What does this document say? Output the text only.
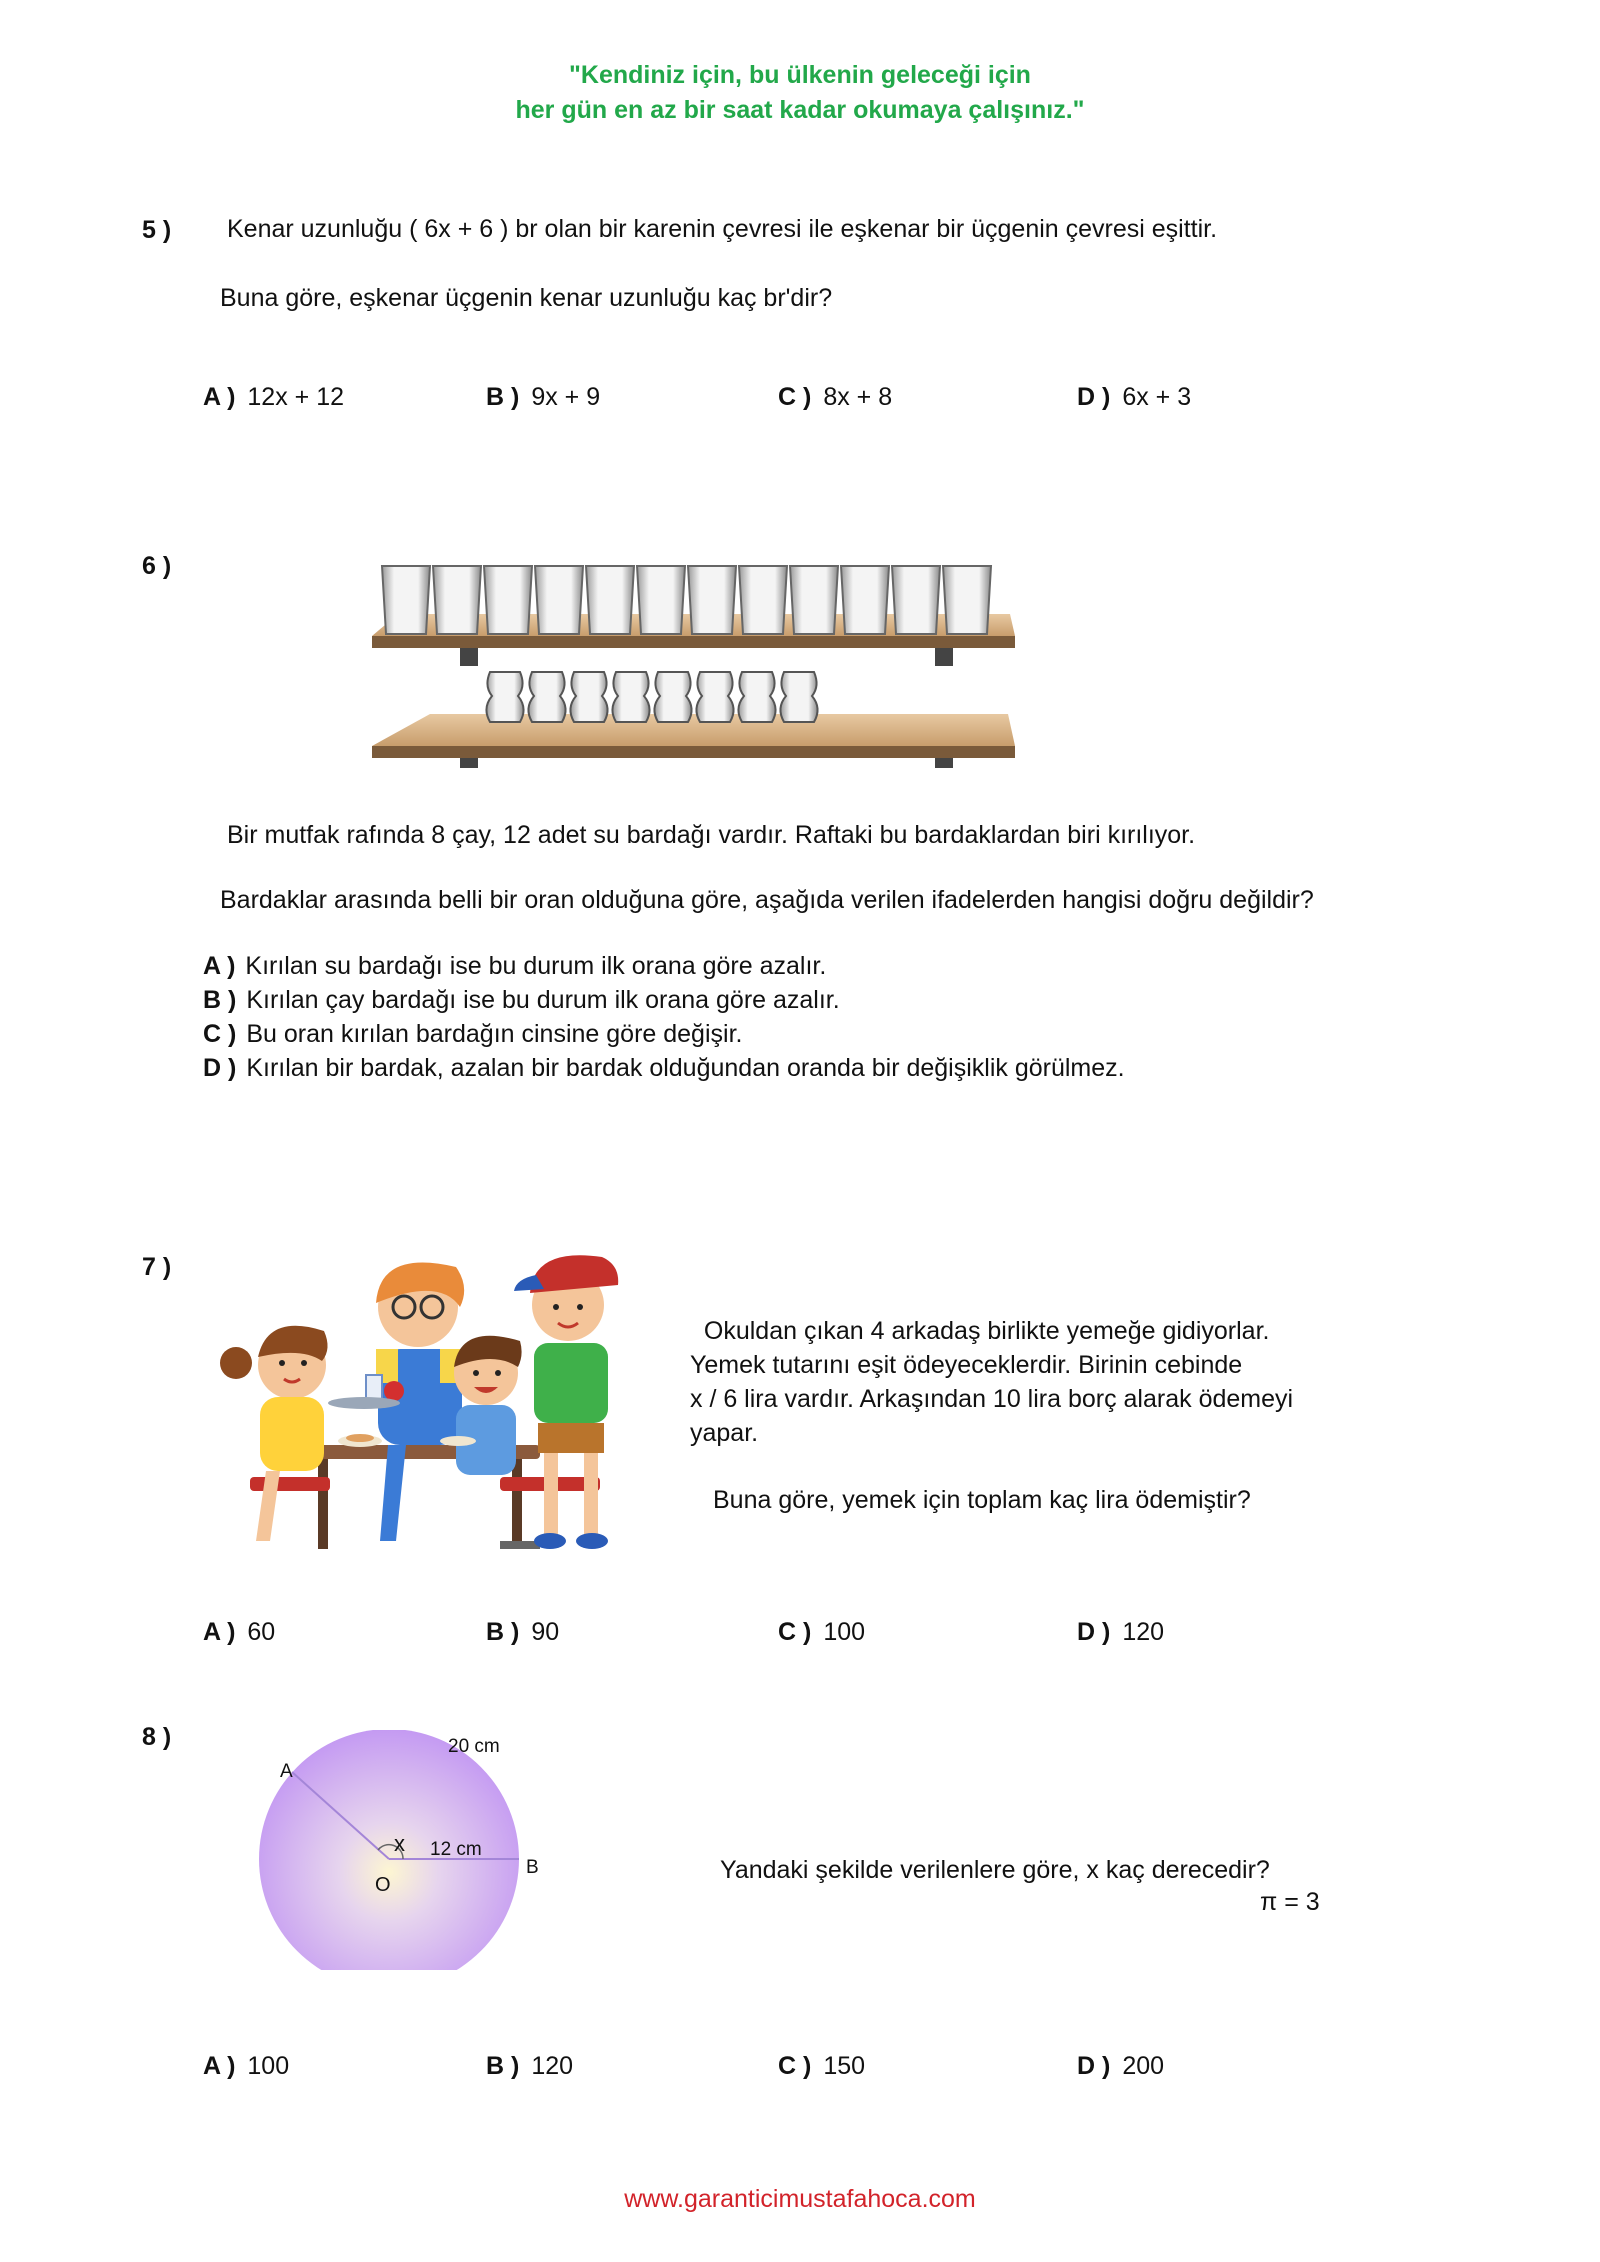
"Kendiniz için, bu ülkenin geleceği için
her gün en az bir saat kadar okumaya çalışınız."
5 ) Kenar uzunluğu ( 6x + 6 ) br olan bir karenin çevresi ile eşkenar bir üçgenin çevresi eşittir.
Buna göre, eşkenar üçgenin kenar uzunluğu kaç br'dir?
A ) 12x + 12	B ) 9x + 9	C ) 8x + 8	D ) 6x + 3
6 )
Bir mutfak rafında 8 çay, 12 adet su bardağı vardır. Raftaki bu bardaklardan biri kırılıyor.
Bardaklar arasında belli bir oran olduğuna göre, aşağıda verilen ifadelerden hangisi doğru değildir?
A ) Kırılan su bardağı ise bu durum ilk orana göre azalır.
B ) Kırılan çay bardağı ise bu durum ilk orana göre azalır.
C ) Bu oran kırılan bardağın cinsine göre değişir.
D ) Kırılan bir bardak, azalan bir bardak olduğundan oranda bir değişiklik görülmez.
7 )
Okuldan çıkan 4 arkadaş birlikte yemeğe gidiyorlar.
Yemek tutarını eşit ödeyeceklerdir. Birinin cebinde
x / 6 lira vardır. Arkaşından 10 lira borç alarak ödemeyi
yapar.
Buna göre, yemek için toplam kaç lira ödemiştir?
A ) 60	B ) 90	C ) 100	D ) 120
8 )	20 cm
A
B
O
x 12 cm
Yandaki şekilde verilenlere göre, x kaç derecedir?
π = 3
A ) 100	B ) 120	C ) 150	D ) 200
www.garanticimustafahoca.com
